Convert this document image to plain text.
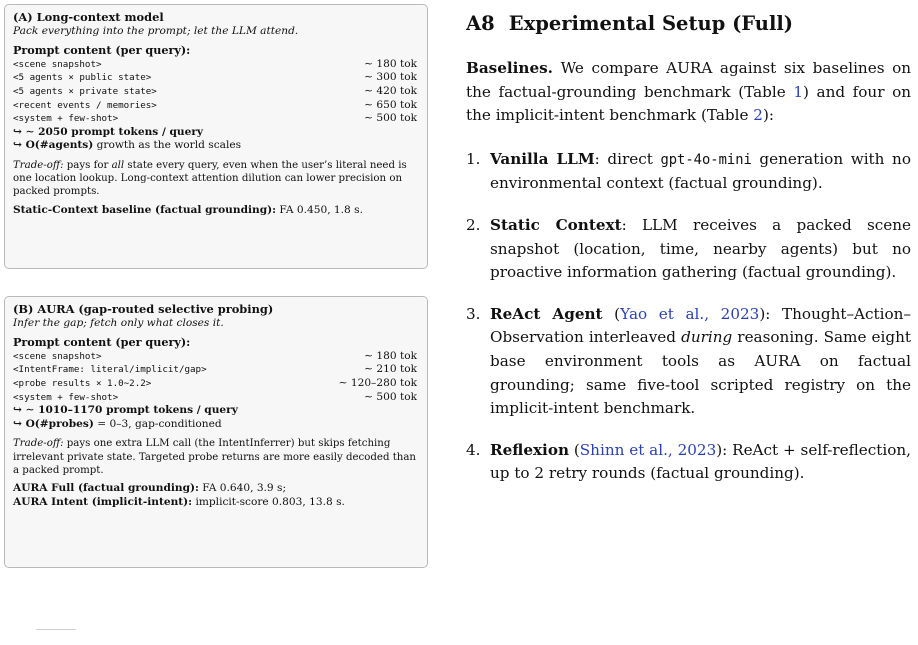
(A) Long-context model
Pack everything into the prompt; let the LLM attend.
Prompt content (per query):
<scene snapshot>	∼ 180 tok
<5 agents × public state>	∼ 300 tok
<5 agents × private state>	∼ 420 tok
<recent events / memories>	∼ 650 tok
<system + few-shot>	∼ 500 tok
↪ ∼ 2050 prompt tokens / query
↪ O(#agents) growth as the world scales
Trade-off: pays for all state every query, even when the user’s literal need is one location lookup. Long-context attention dilution can lower precision on packed prompts.
Static-Context baseline (factual grounding): FA 0.450, 1.8 s.
(B) AURA (gap-routed selective probing)
Infer the gap; fetch only what closes it.
Prompt content (per query):
<scene snapshot>	∼ 180 tok
<IntentFrame: literal/implicit/gap>	∼ 210 tok
<probe results × 1.0∼2.2>	∼ 120–280 tok
<system + few-shot>	∼ 500 tok
↪ ∼ 1010–1170 prompt tokens / query
↪ O(#probes) = 0–3, gap-conditioned
Trade-off: pays one extra LLM call (the IntentInferrer) but skips fetching irrelevant private state. Targeted probe returns are more easily decoded than a packed prompt.
AURA Full (factual grounding): FA 0.640, 3.9 s;
AURA Intent (implicit-intent): implicit-score 0.803, 13.8 s.
A8 Experimental Setup (Full)

Baselines. We compare AURA against six baselines on the factual-grounding benchmark (Table 1) and four on the implicit-intent benchmark (Table 2):

1. Vanilla LLM: direct gpt-4o-mini generation with no environmental context (factual grounding).
2. Static Context: LLM receives a packed scene snapshot (location, time, nearby agents) but no proactive information gathering (factual grounding).
3. ReAct Agent (Yao et al., 2023): Thought–Action–Observation interleaved during reasoning. Same eight base environment tools as AURA on factual grounding; same five-tool scripted registry on the implicit-intent benchmark.
4. Reflexion (Shinn et al., 2023): ReAct + self-reflection, up to 2 retry rounds (factual grounding).
